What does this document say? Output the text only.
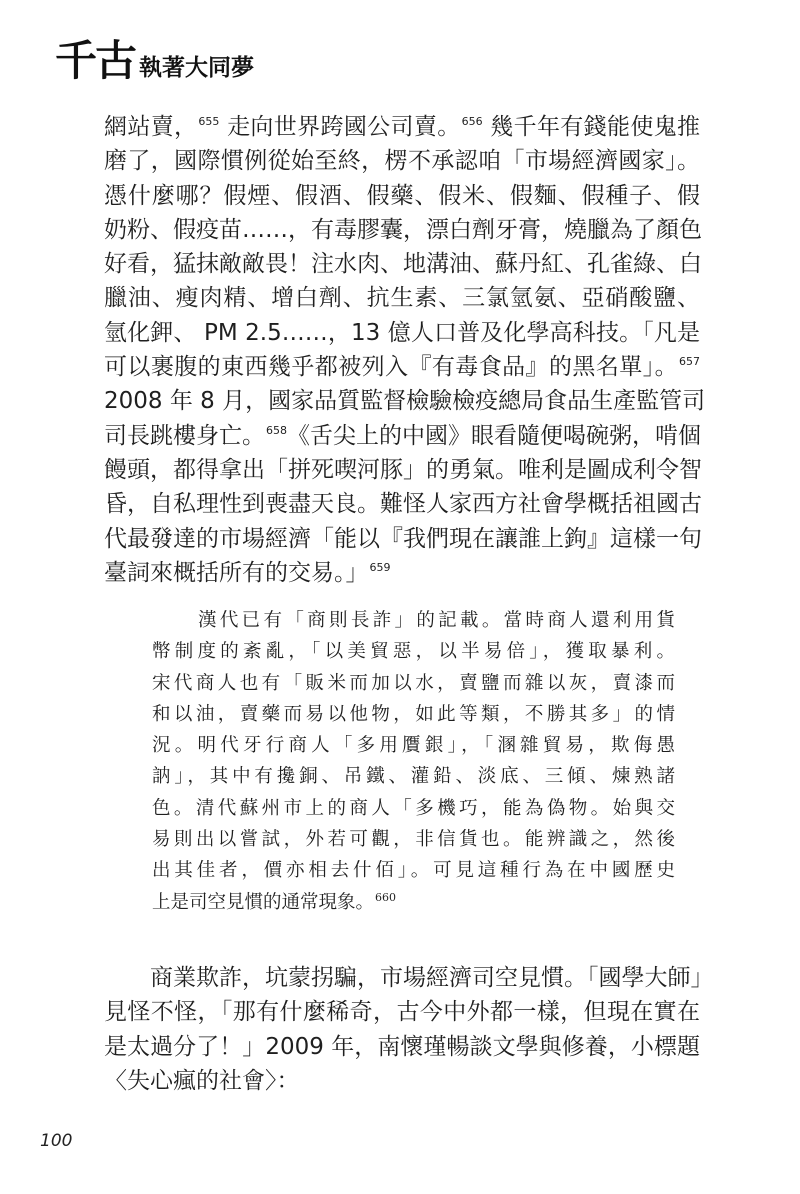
千古 執著大同夢
網站賣，$^{655}$ 走向世界跨國公司賣。$^{656}$ 幾千年有錢能使鬼推
磨了，國際慣例從始至終，楞不承認咱「市場經濟國家」。
憑什麼哪？假煙、假酒、假藥、假米、假麵、假種子、假
奶粉、假疫苗……，有毒膠囊，漂白劑牙膏，燒臘為了顏色
好看，猛抹敵敵畏！注水肉、地溝油、蘇丹紅、孔雀綠、白
臘油、瘦肉精、增白劑、抗生素、三氯氫氨、亞硝酸鹽、
氫化鉀、 PM 2.5……，13 億人口普及化學高科技。「凡是
可以裹腹的東西幾乎都被列入『有毒食品』的黑名單」。$^{657}$
2008 年 8 月，國家品質監督檢驗檢疫總局食品生產監管司
司長跳樓身亡。$^{658}$《舌尖上的中國》眼看隨便喝碗粥，啃個
饅頭，都得拿出「拼死喫河豚」的勇氣。唯利是圖成利令智
昏，自私理性到喪盡天良。難怪人家西方社會學概括祖國古
代最發達的市場經濟「能以『我們現在讓誰上鉤』這樣一句
臺詞來概括所有的交易。」$^{659}$
漢代已有「商則長詐」的記載。當時商人還利用貨
幣制度的紊亂，「以美貿惡，以半易倍」，獲取暴利。
宋代商人也有「販米而加以水，賣鹽而雜以灰，賣漆而
和以油，賣藥而易以他物，如此等類，不勝其多」的情
況。明代牙行商人「多用贋銀」，「溷雜貿易，欺侮愚
訥」，其中有攙銅、吊鐵、灌鉛、淡底、三傾、煉熟諸
色。清代蘇州市上的商人「多機巧，能為偽物。始與交
易則出以嘗試，外若可觀，非信貨也。能辨識之，然後
出其佳者，價亦相去什佰」。可見這種行為在中國歷史
上是司空見慣的通常現象。$^{660}$
商業欺詐，坑蒙拐騙，市場經濟司空見慣。「國學大師」
見怪不怪，「那有什麼稀奇，古今中外都一樣，但現在實在
是太過分了！」2009 年，南懷瑾暢談文學與修養，小標題
〈失心瘋的社會〉：
100
